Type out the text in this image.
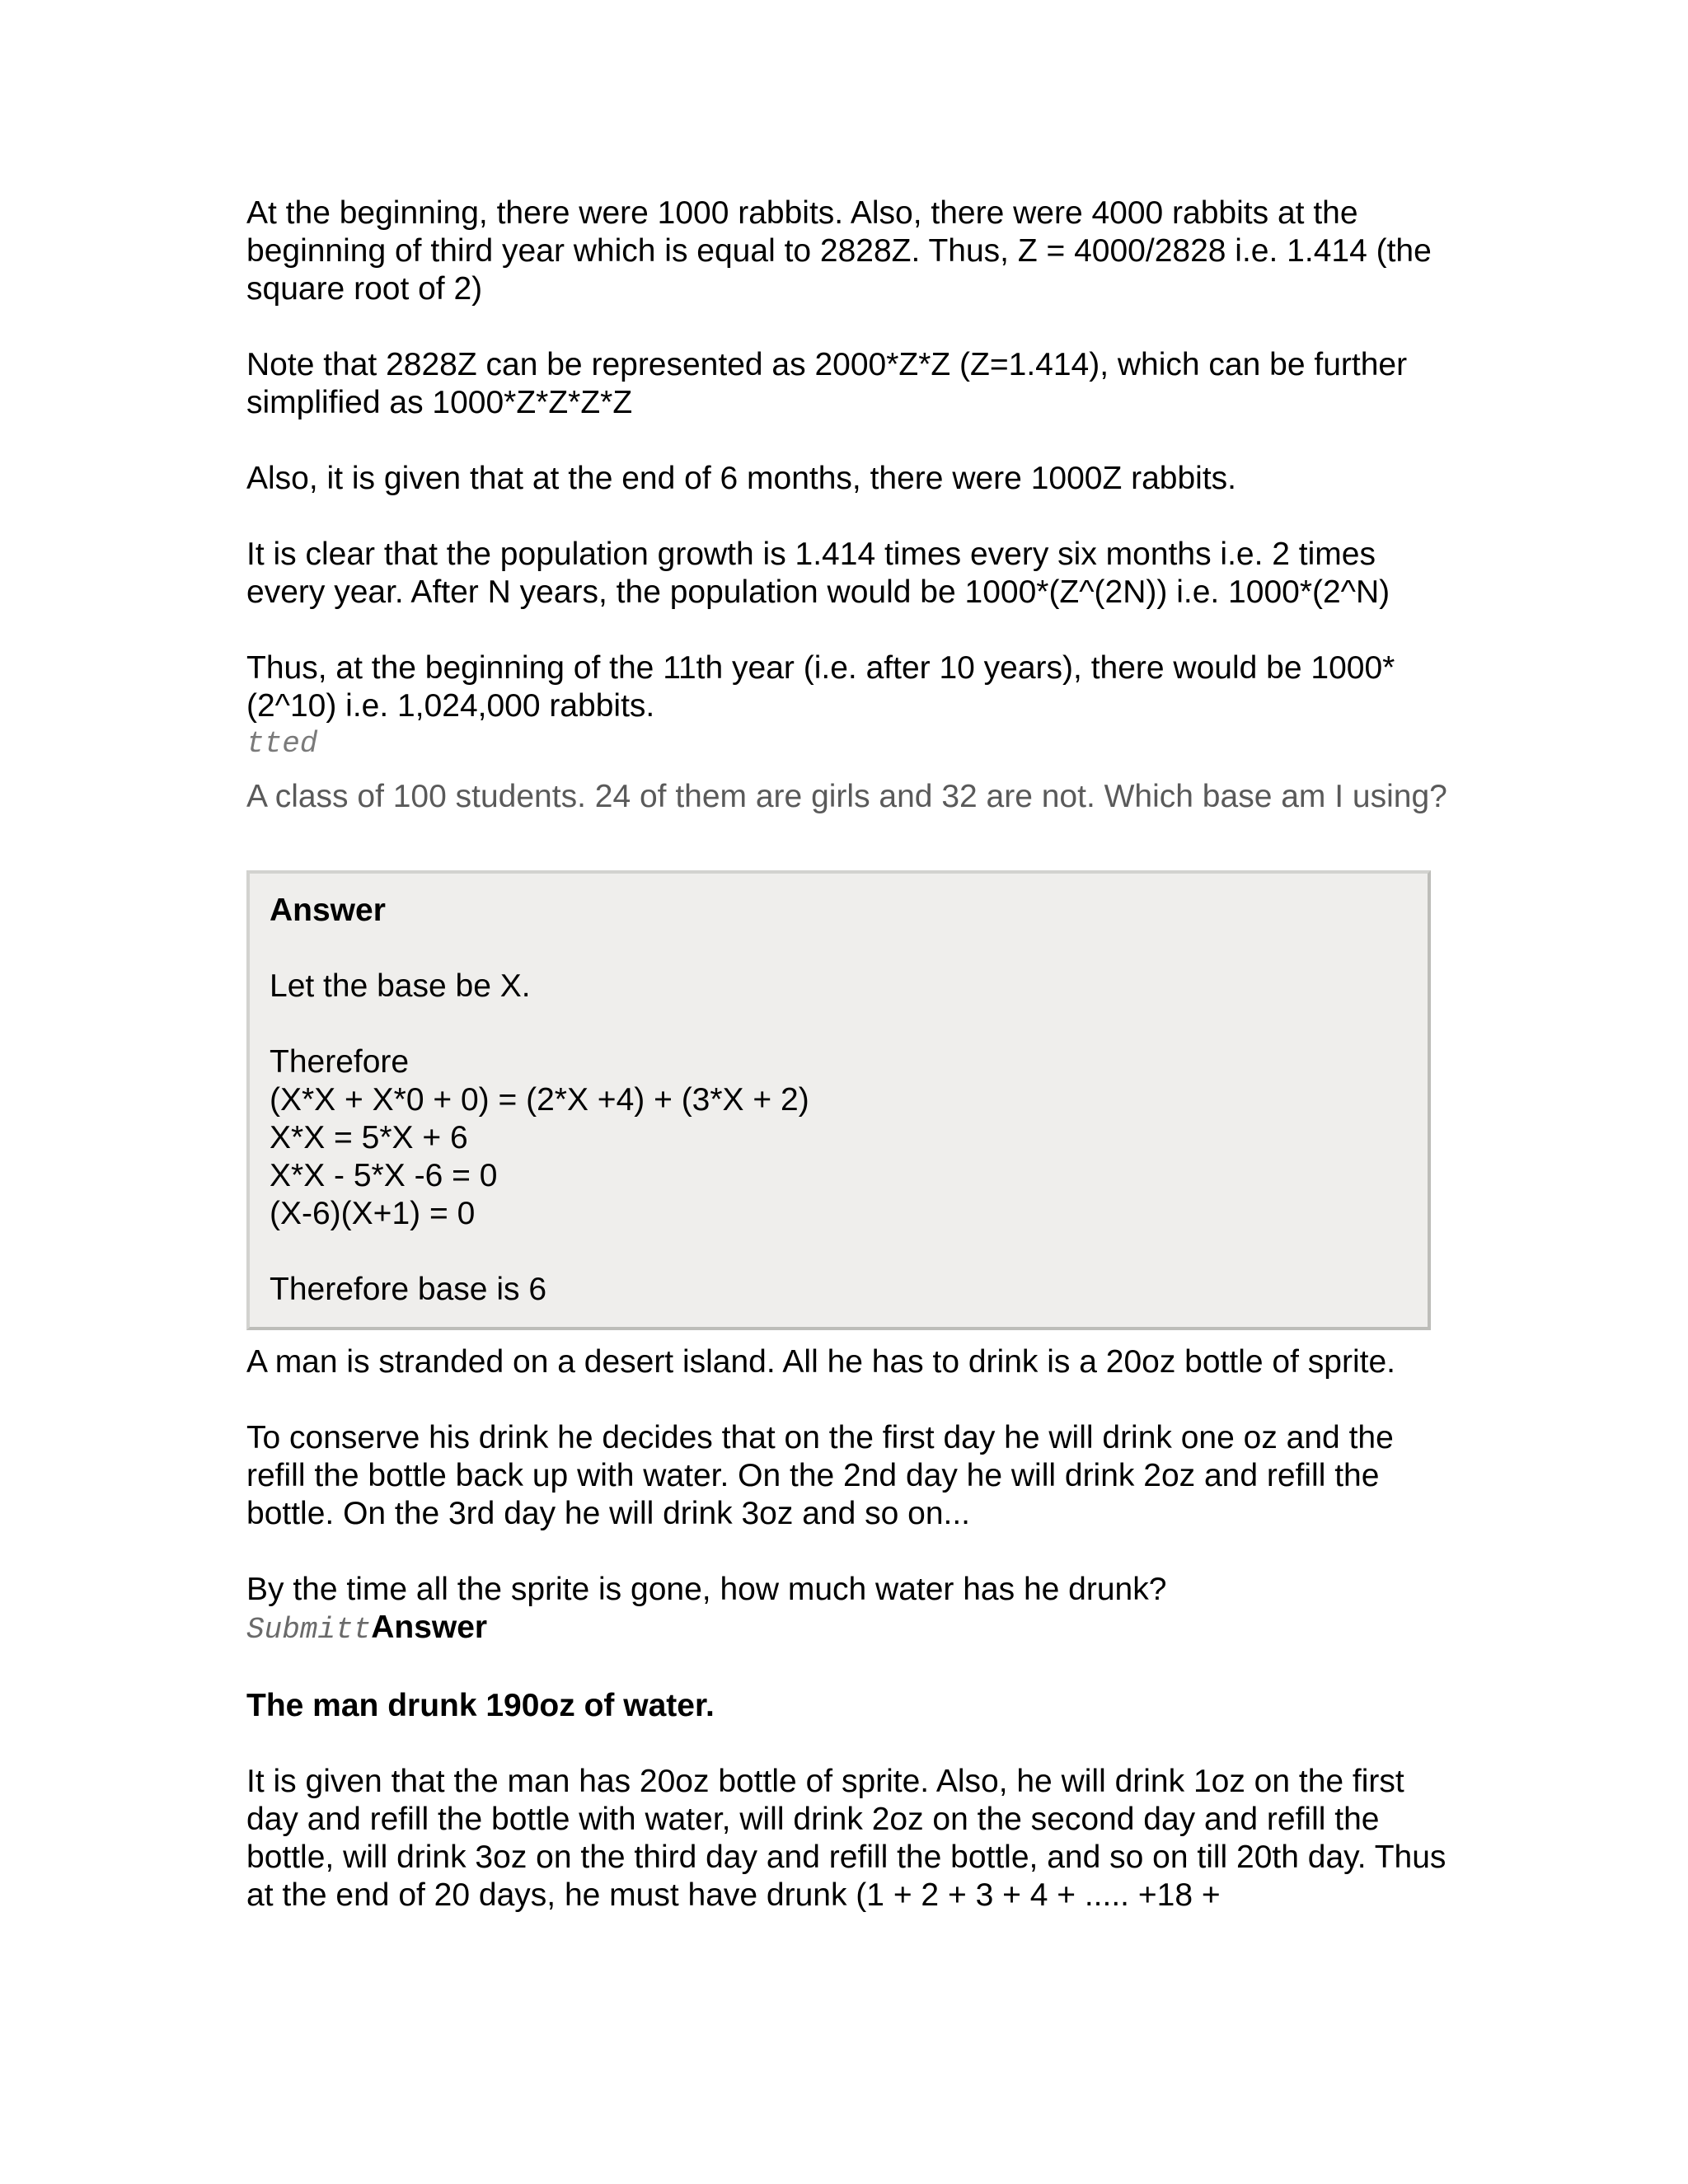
At the beginning, there were 1000 rabbits. Also, there were 4000 rabbits at the beginning of third year which is equal to 2828Z. Thus, Z = 4000/2828 i.e. 1.414 (the square root of 2)

Note that 2828Z can be represented as 2000*Z*Z (Z=1.414), which can be further simplified as 1000*Z*Z*Z*Z

Also, it is given that at the end of 6 months, there were 1000Z rabbits.

It is clear that the population growth is 1.414 times every six months i.e. 2 times every year. After N years, the population would be 1000*(Z^(2N)) i.e. 1000*(2^N)

Thus, at the beginning of the 11th year (i.e. after 10 years), there would be 1000*(2^10) i.e. 1,024,000 rabbits.

tted

A class of 100 students. 24 of them are girls and 32 are not. Which base am I using?

Answer

Let the base be X.

Therefore

(X*X + X*0 + 0) = (2*X +4) + (3*X + 2)

X*X = 5*X + 6

X*X - 5*X -6 = 0

(X-6)(X+1) = 0

Therefore base is 6

A man is stranded on a desert island. All he has to drink is a 20oz bottle of sprite.

To conserve his drink he decides that on the first day he will drink one oz and the refill the bottle back up with water. On the 2nd day he will drink 2oz and refill the bottle. On the 3rd day he will drink 3oz and so on...

By the time all the sprite is gone, how much water has he drunk?

SubmittAnswer

The man drunk 190oz of water.

It is given that the man has 20oz bottle of sprite. Also, he will drink 1oz on the first day and refill the bottle with water, will drink 2oz on the second day and refill the bottle, will drink 3oz on the third day and refill the bottle, and so on till 20th day. Thus at the end of 20 days, he must have drunk (1 + 2 + 3 + 4 + ..... +18 +
